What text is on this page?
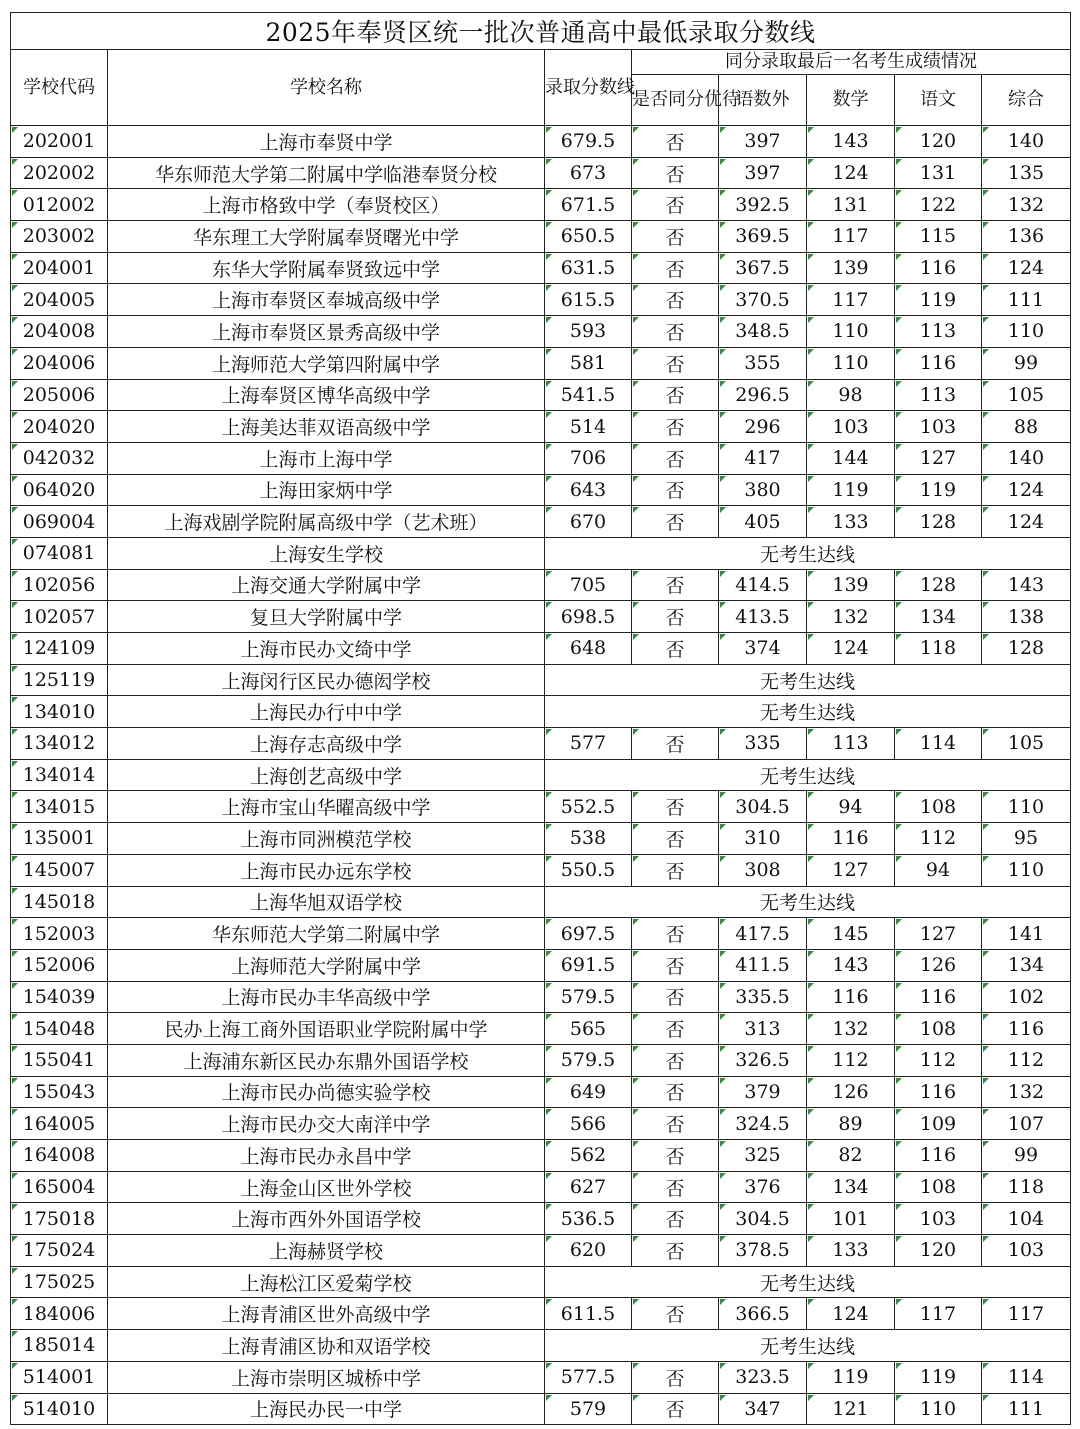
2025年奉贤区统一批次普通高中最低录取分数线							
学校代码	学校名称	录取分数线	同分录取最后一名考生成绩情况				
			是否同分优待	语数外	数学	语文	综合
202001	上海市奉贤中学	679.5	否	397	143	120	140
202002	华东师范大学第二附属中学临港奉贤分校	673	否	397	124	131	135
012002	上海市格致中学（奉贤校区）	671.5	否	392.5	131	122	132
203002	华东理工大学附属奉贤曙光中学	650.5	否	369.5	117	115	136
204001	东华大学附属奉贤致远中学	631.5	否	367.5	139	116	124
204005	上海市奉贤区奉城高级中学	615.5	否	370.5	117	119	111
204008	上海市奉贤区景秀高级中学	593	否	348.5	110	113	110
204006	上海师范大学第四附属中学	581	否	355	110	116	99
205006	上海奉贤区博华高级中学	541.5	否	296.5	98	113	105
204020	上海美达菲双语高级中学	514	否	296	103	103	88
042032	上海市上海中学	706	否	417	144	127	140
064020	上海田家炳中学	643	否	380	119	119	124
069004	上海戏剧学院附属高级中学（艺术班）	670	否	405	133	128	124
074081	上海安生学校	无考生达线					
102056	上海交通大学附属中学	705	否	414.5	139	128	143
102057	复旦大学附属中学	698.5	否	413.5	132	134	138
124109	上海市民办文绮中学	648	否	374	124	118	128
125119	上海闵行区民办德闳学校	无考生达线					
134010	上海民办行中中学	无考生达线					
134012	上海存志高级中学	577	否	335	113	114	105
134014	上海创艺高级中学	无考生达线					
134015	上海市宝山华曜高级中学	552.5	否	304.5	94	108	110
135001	上海市同洲模范学校	538	否	310	116	112	95
145007	上海市民办远东学校	550.5	否	308	127	94	110
145018	上海华旭双语学校	无考生达线					
152003	华东师范大学第二附属中学	697.5	否	417.5	145	127	141
152006	上海师范大学附属中学	691.5	否	411.5	143	126	134
154039	上海市民办丰华高级中学	579.5	否	335.5	116	116	102
154048	民办上海工商外国语职业学院附属中学	565	否	313	132	108	116
155041	上海浦东新区民办东鼎外国语学校	579.5	否	326.5	112	112	112
155043	上海市民办尚德实验学校	649	否	379	126	116	132
164005	上海市民办交大南洋中学	566	否	324.5	89	109	107
164008	上海市民办永昌中学	562	否	325	82	116	99
165004	上海金山区世外学校	627	否	376	134	108	118
175018	上海市西外外国语学校	536.5	否	304.5	101	103	104
175024	上海赫贤学校	620	否	378.5	133	120	103
175025	上海松江区爱菊学校	无考生达线					
184006	上海青浦区世外高级中学	611.5	否	366.5	124	117	117
185014	上海青浦区协和双语学校	无考生达线					
514001	上海市崇明区城桥中学	577.5	否	323.5	119	119	114
514010	上海民办民一中学	579	否	347	121	110	111
